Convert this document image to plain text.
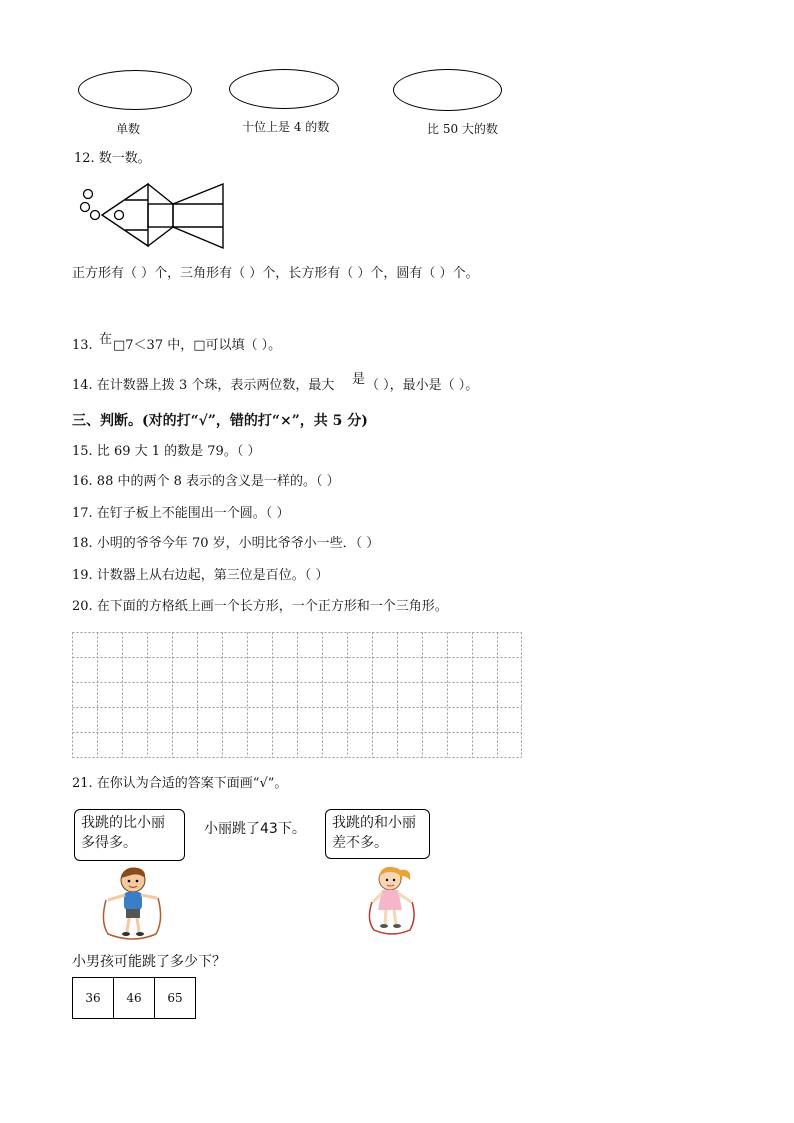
单数	十位上是 4 的数	比 50 大的数
12. 数一数。
正方形有（ ）个，三角形有（ ）个，长方形有（ ）个，圆有（ ）个。
13. 在 □7＜37 中，□可以填（ ）。
14. 在计数器上拨 3 个珠，表示两位数，最大 是 （ ），最小是（ ）。
三、判断。(对的打“√”，错的打“×”，共 5 分)
15. 比 69 大 1 的数是 79。（ ）
16. 88 中的两个 8 表示的含义是一样的。（ ）
17. 在钉子板上不能围出一个圆。（ ）
18. 小明的爷爷今年 70 岁，小明比爷爷小一些．（ ）
19. 计数器上从右边起，第三位是百位。（ ）
20. 在下面的方格纸上画一个长方形，一个正方形和一个三角形。
21. 在你认为合适的答案下面画“√”。
我跳的比小丽多得多。
小丽跳了43下。	我跳的和小丽差不多。
小男孩可能跳了多少下？
36	46	65
